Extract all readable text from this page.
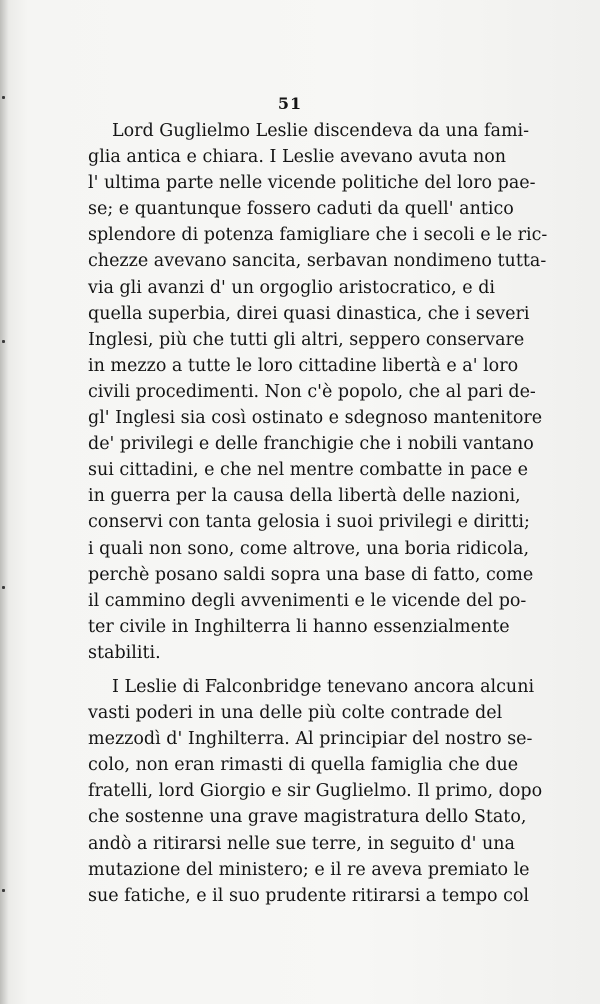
51
Lord Guglielmo Leslie discendeva da una fami-
glia antica e chiara. I Leslie avevano avuta non
l' ultima parte nelle vicende politiche del loro pae-
se; e quantunque fossero caduti da quell' antico
splendore di potenza famigliare che i secoli e le ric-
chezze avevano sancita, serbavan nondimeno tutta-
via gli avanzi d' un orgoglio aristocratico, e di
quella superbia, direi quasi dinastica, che i severi
Inglesi, più che tutti gli altri, seppero conservare
in mezzo a tutte le loro cittadine libertà e a' loro
civili procedimenti. Non c'è popolo, che al pari de-
gl' Inglesi sia così ostinato e sdegnoso mantenitore
de' privilegi e delle franchigie che i nobili vantano
sui cittadini, e che nel mentre combatte in pace e
in guerra per la causa della libertà delle nazioni,
conservi con tanta gelosia i suoi privilegi e diritti;
i quali non sono, come altrove, una boria ridicola,
perchè posano saldi sopra una base di fatto, come
il cammino degli avvenimenti e le vicende del po-
ter civile in Inghilterra li hanno essenzialmente
stabiliti.
I Leslie di Falconbridge tenevano ancora alcuni
vasti poderi in una delle più colte contrade del
mezzodì d' Inghilterra. Al principiar del nostro se-
colo, non eran rimasti di quella famiglia che due
fratelli, lord Giorgio e sir Guglielmo. Il primo, dopo
che sostenne una grave magistratura dello Stato,
andò a ritirarsi nelle sue terre, in seguito d' una
mutazione del ministero; e il re aveva premiato le
sue fatiche, e il suo prudente ritirarsi a tempo col
